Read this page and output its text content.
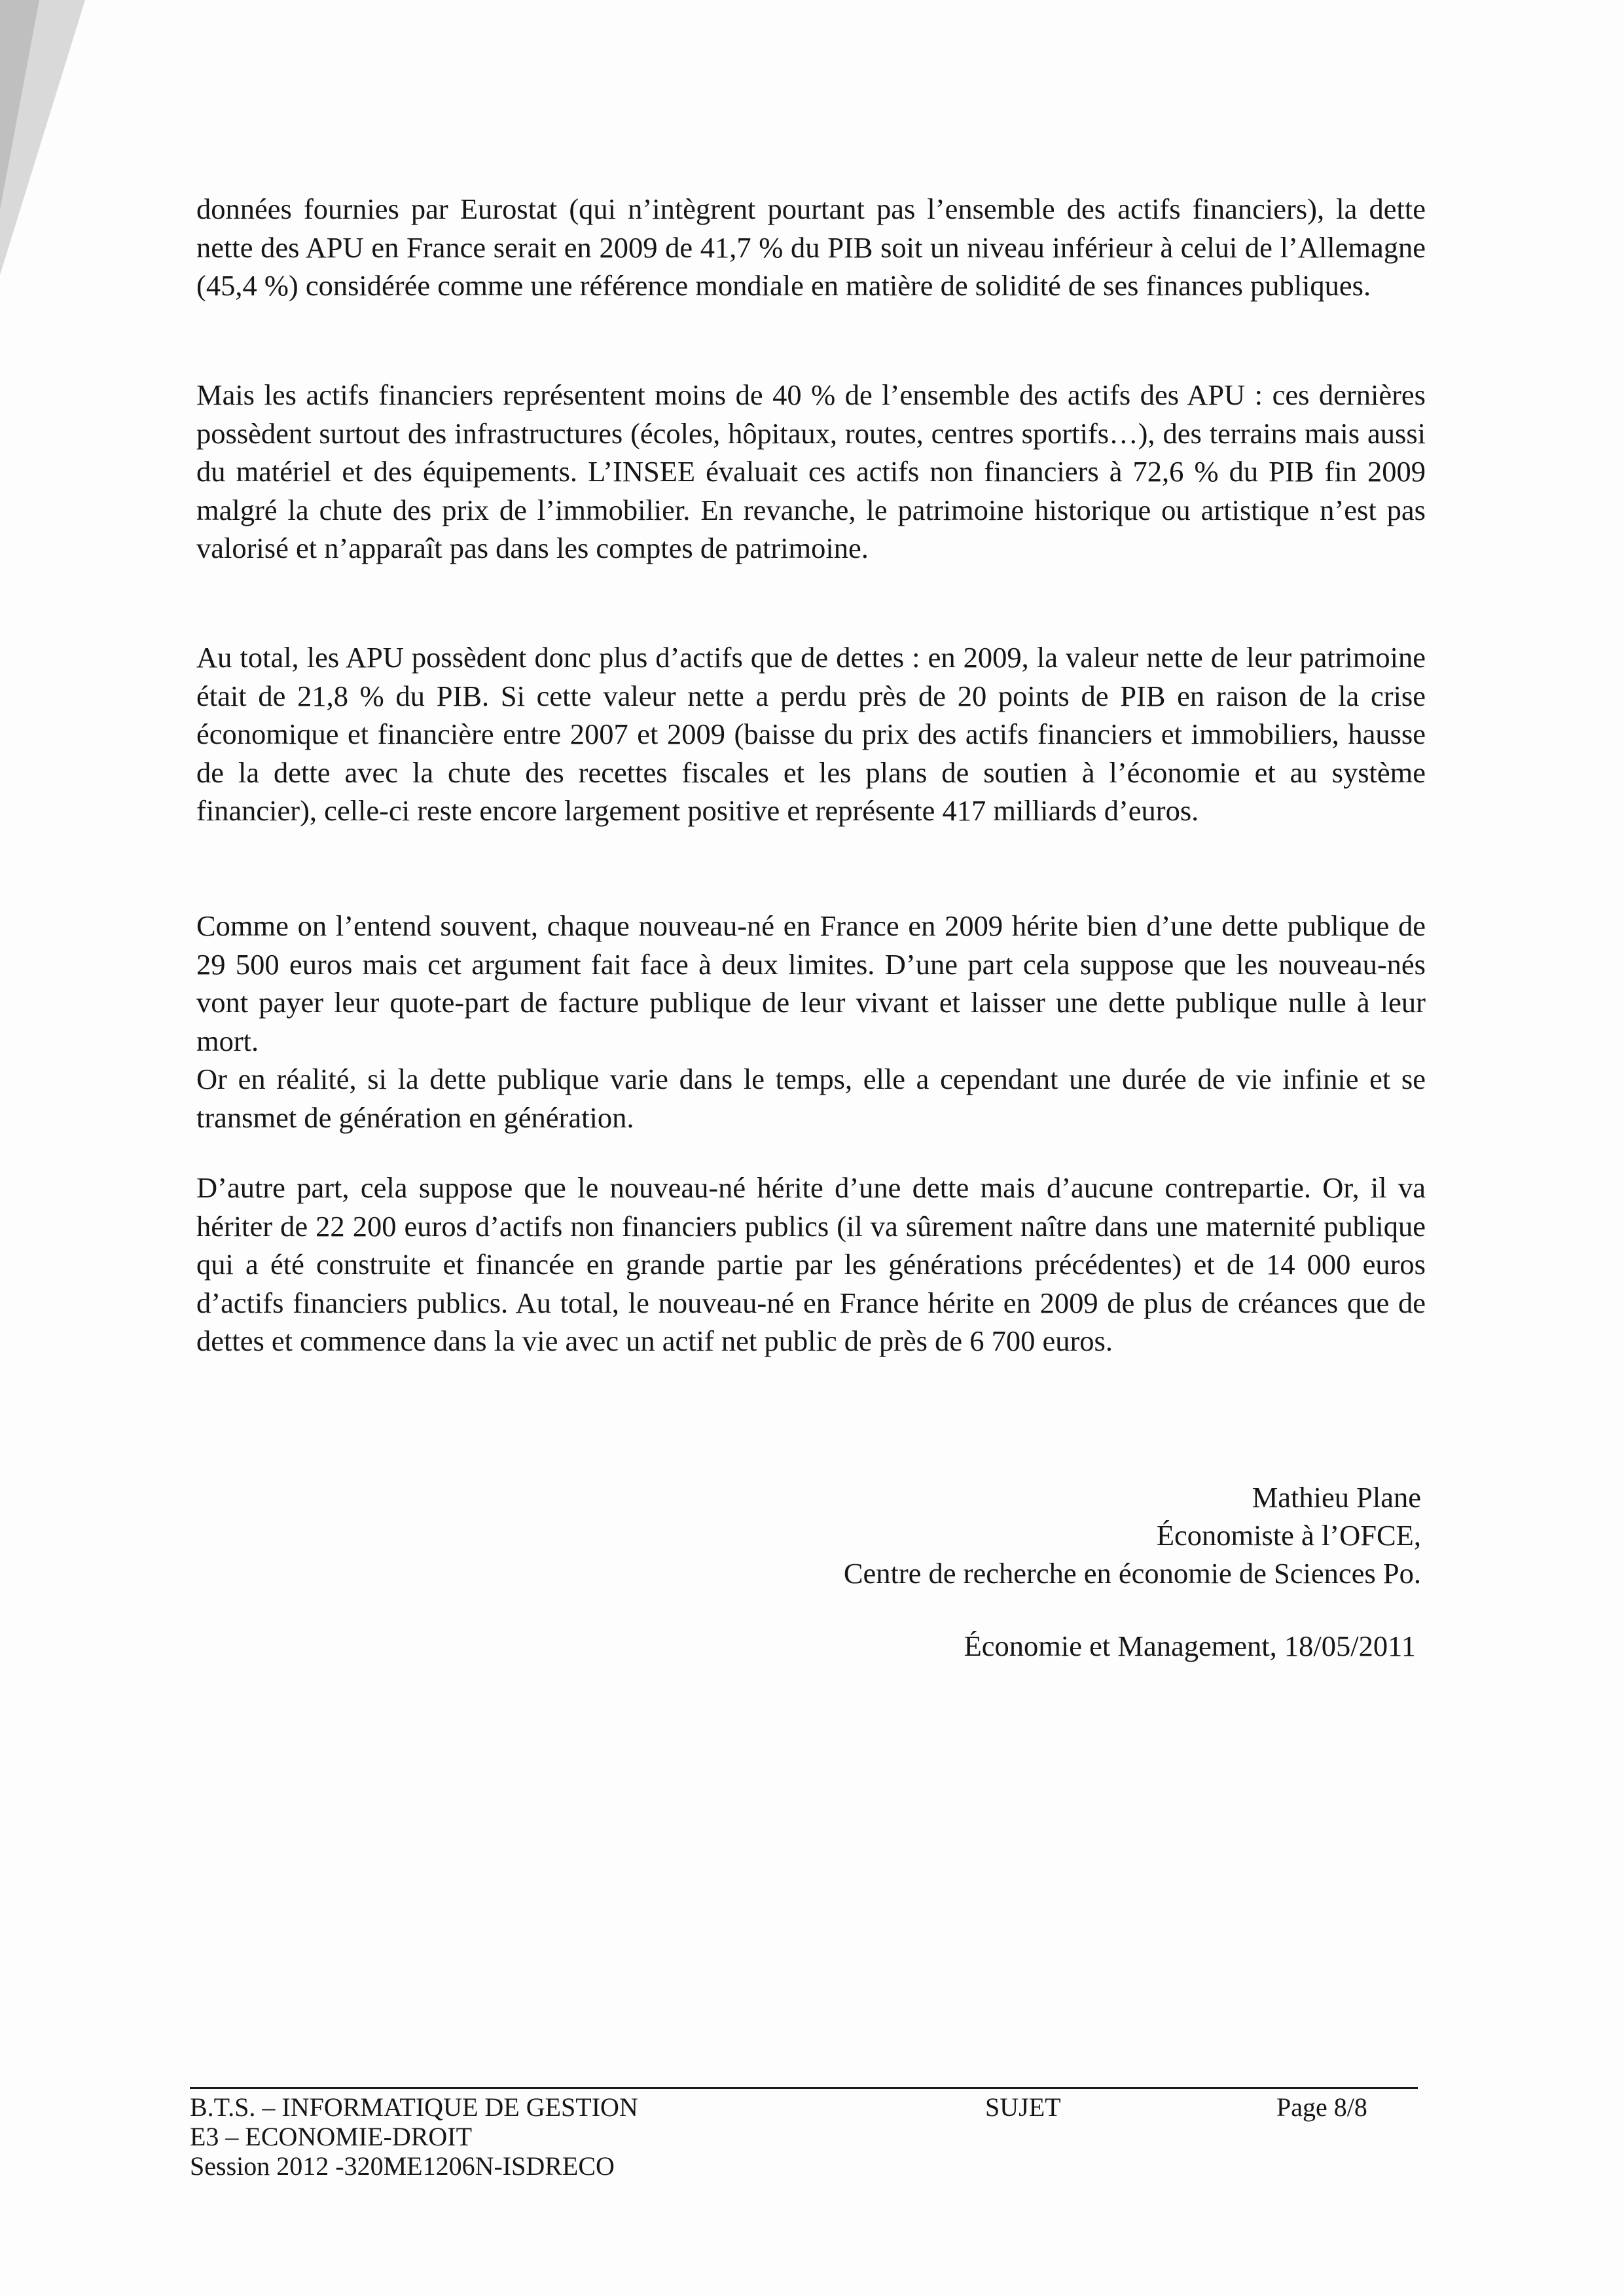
données fournies par Eurostat (qui n’intègrent pourtant pas l’ensemble des actifs financiers), la dette nette des APU en France serait en 2009 de 41,7 % du PIB soit un niveau inférieur à celui de l’Allemagne (45,4 %) considérée comme une référence mondiale en matière de solidité de ses finances publiques.

Mais les actifs financiers représentent moins de 40 % de l’ensemble des actifs des APU : ces dernières possèdent surtout des infrastructures (écoles, hôpitaux, routes, centres sportifs…), des terrains mais aussi du matériel et des équipements. L’INSEE évaluait ces actifs non financiers à 72,6 % du PIB fin 2009 malgré la chute des prix de l’immobilier. En revanche, le patrimoine historique ou artistique n’est pas valorisé et n’apparaît pas dans les comptes de patrimoine.

Au total, les APU possèdent donc plus d’actifs que de dettes : en 2009, la valeur nette de leur patrimoine était de 21,8 % du PIB. Si cette valeur nette a perdu près de 20 points de PIB en raison de la crise économique et financière entre 2007 et 2009 (baisse du prix des actifs financiers et immobiliers, hausse de la dette avec la chute des recettes fiscales et les plans de soutien à l’économie et au système financier), celle-ci reste encore largement positive et représente 417 milliards d’euros.

Comme on l’entend souvent, chaque nouveau-né en France en 2009 hérite bien d’une dette publique de 29 500 euros mais cet argument fait face à deux limites. D’une part cela suppose que les nouveau-nés vont payer leur quote-part de facture publique de leur vivant et laisser une dette publique nulle à leur mort.
Or en réalité, si la dette publique varie dans le temps, elle a cependant une durée de vie infinie et se transmet de génération en génération.

D’autre part, cela suppose que le nouveau-né hérite d’une dette mais d’aucune contrepartie. Or, il va hériter de 22 200 euros d’actifs non financiers publics (il va sûrement naître dans une maternité publique qui a été construite et financée en grande partie par les générations précédentes) et de 14 000 euros d’actifs financiers publics. Au total, le nouveau-né en France hérite en 2009 de plus de créances que de dettes et commence dans la vie avec un actif net public de près de 6 700 euros.

Mathieu Plane
Économiste à l’OFCE,
Centre de recherche en économie de Sciences Po.
Économie et Management, 18/05/2011
B.T.S. – INFORMATIQUE DE GESTION
E3 – ECONOMIE-DROIT
Session 2012 -320ME1206N-ISDRECO
SUJET	Page 8/8
